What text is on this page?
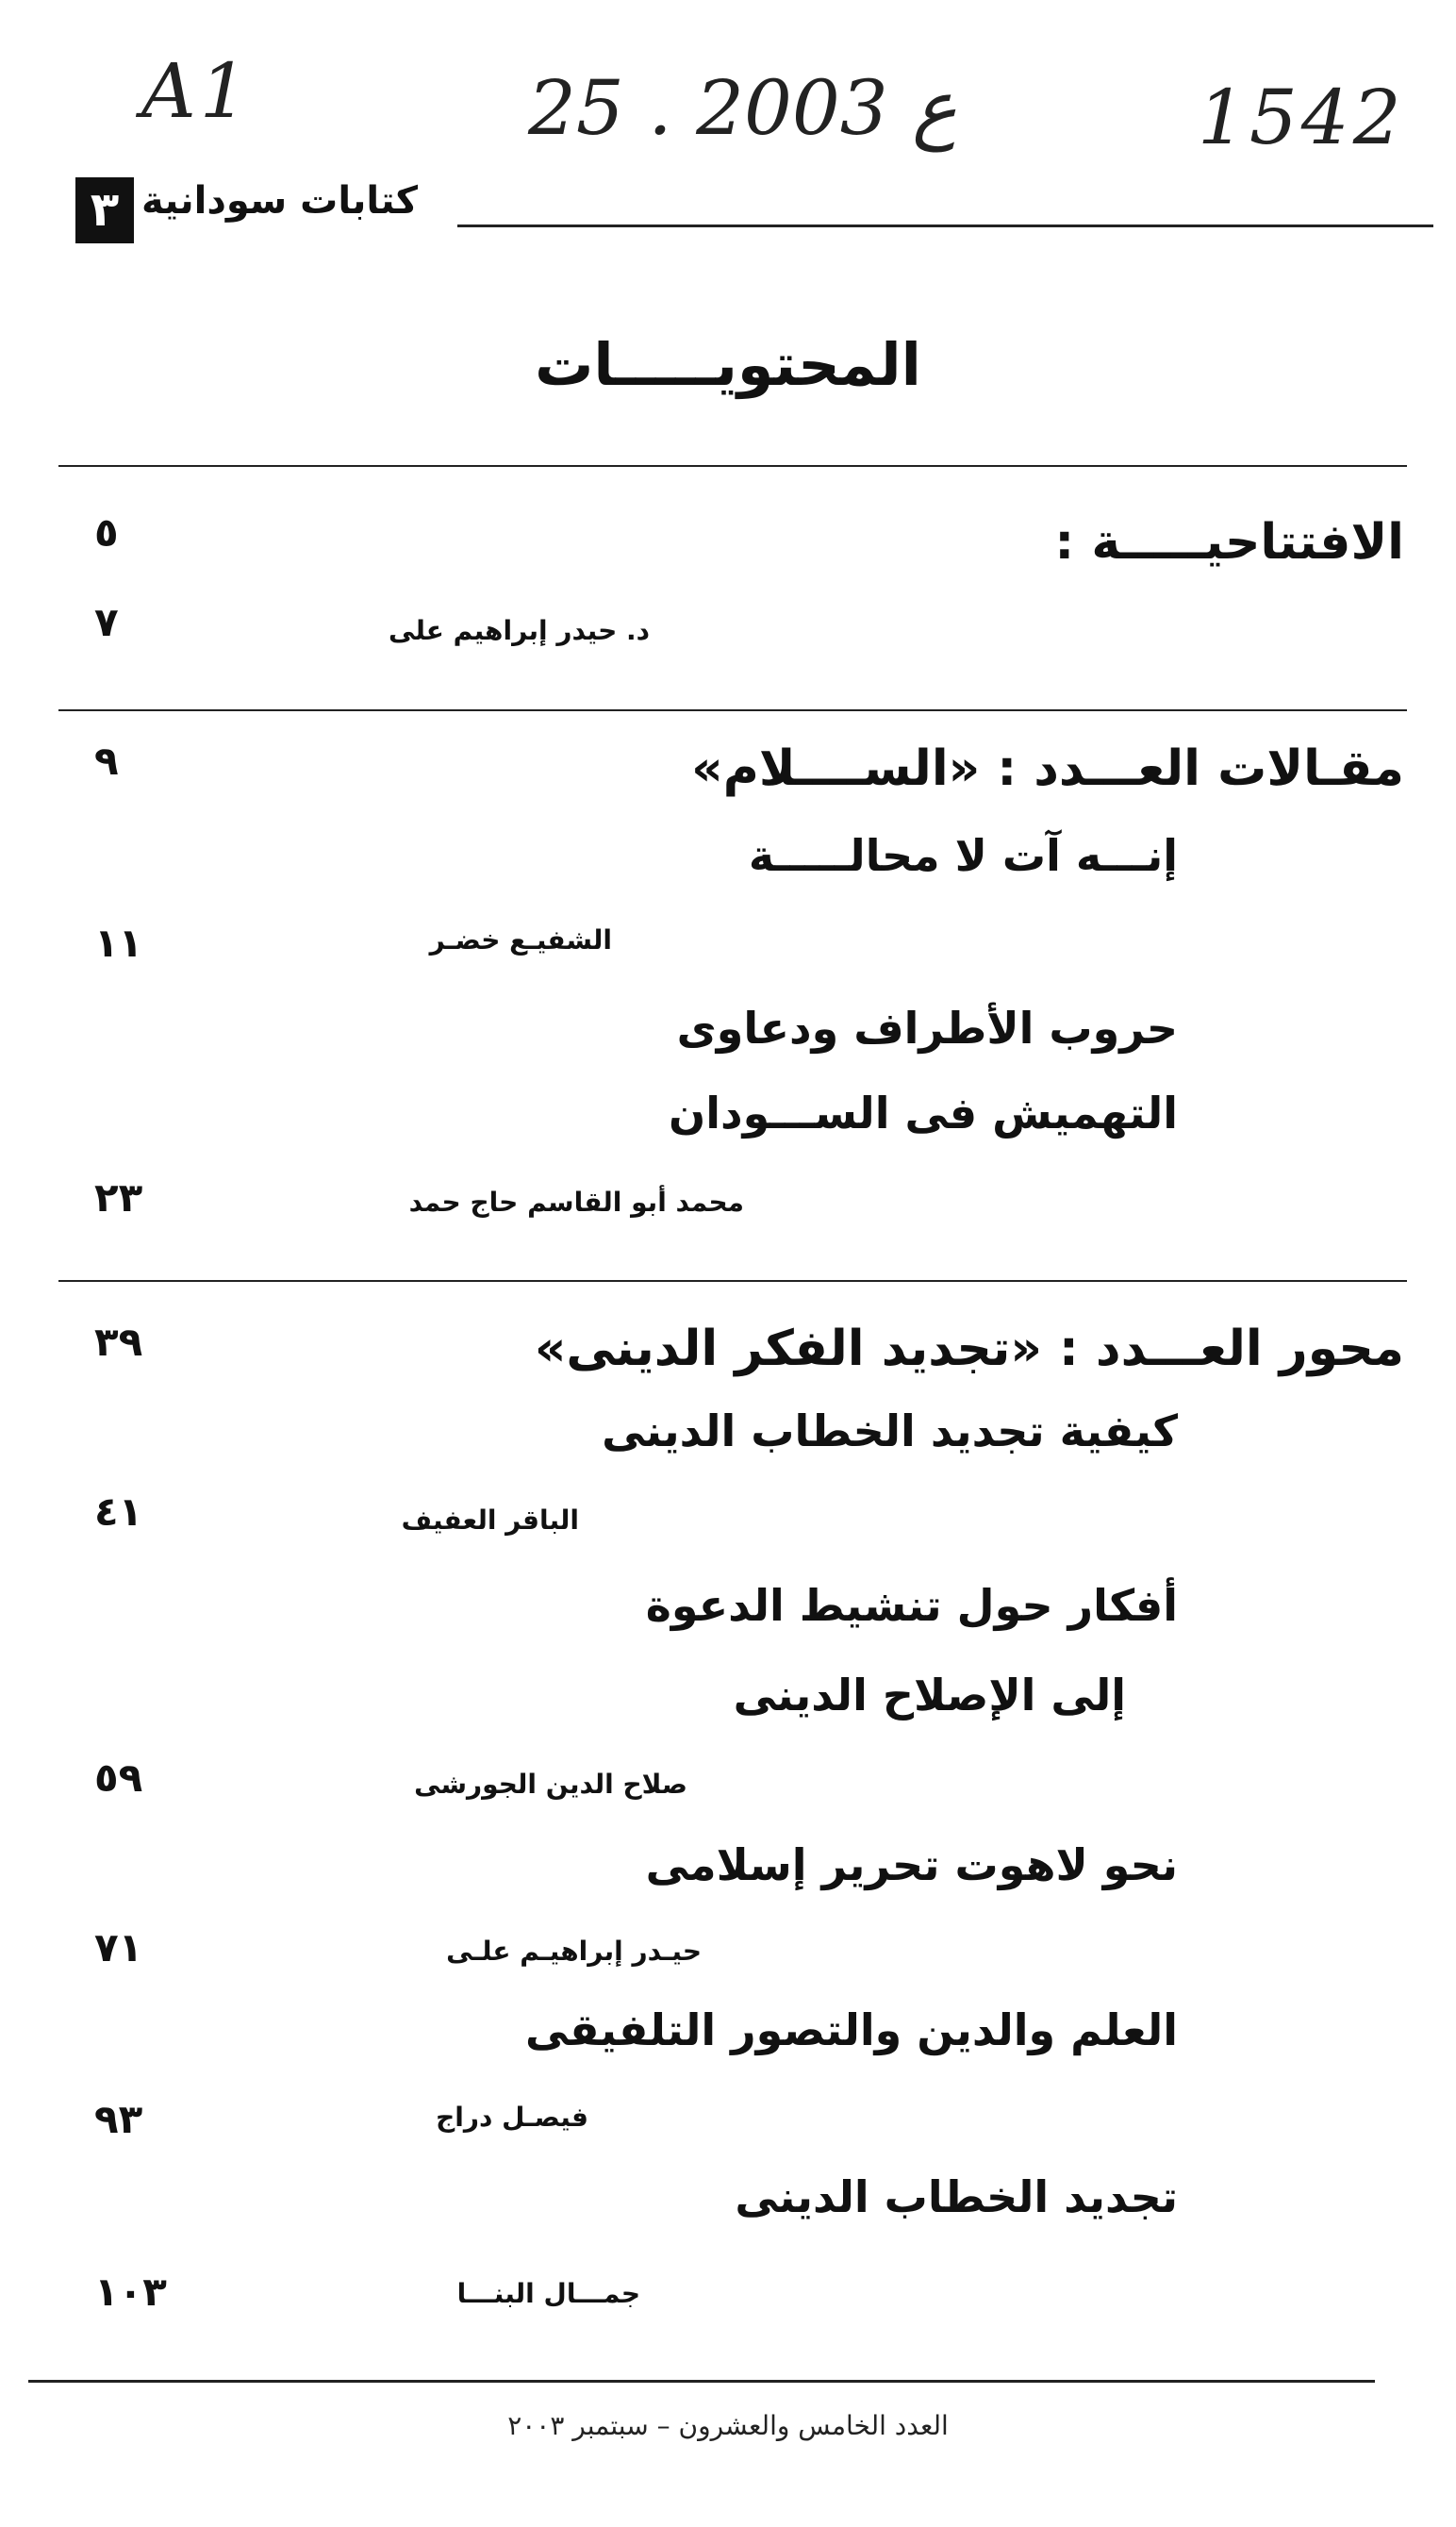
A1	25 . ع 2003	1542
٣ كتابات سودانية
المحتويـــــات
الافتتاحيـــــة :
٥
د. حيدر إبراهيم على
٧
مقـالات العـــدد : «الســــلام»
٩
إنـــه آت لا محالـــــة
الشفيـع خضـر
١١
حروب الأطراف ودعاوى
التهميش فى الســـودان
محمد أبو القاسم حاج حمد
٢٣
محور العـــدد : «تجديد الفكر الدينى»
٣٩
كيفية تجديد الخطاب الدينى
الباقر العفيف
٤١
أفكار حول تنشيط الدعوة
إلى الإصلاح الدينى
صلاح الدين الجورشى
٥٩
نحو لاهوت تحرير إسلامى
حيـدر إبراهيـم علـى
٧١
العلم والدين والتصور التلفيقى
فيصـل دراج
٩٣
تجديد الخطاب الدينى
جمـــال البنـــا
١٠٣
العدد الخامس والعشرون – سبتمبر ٢٠٠٣
